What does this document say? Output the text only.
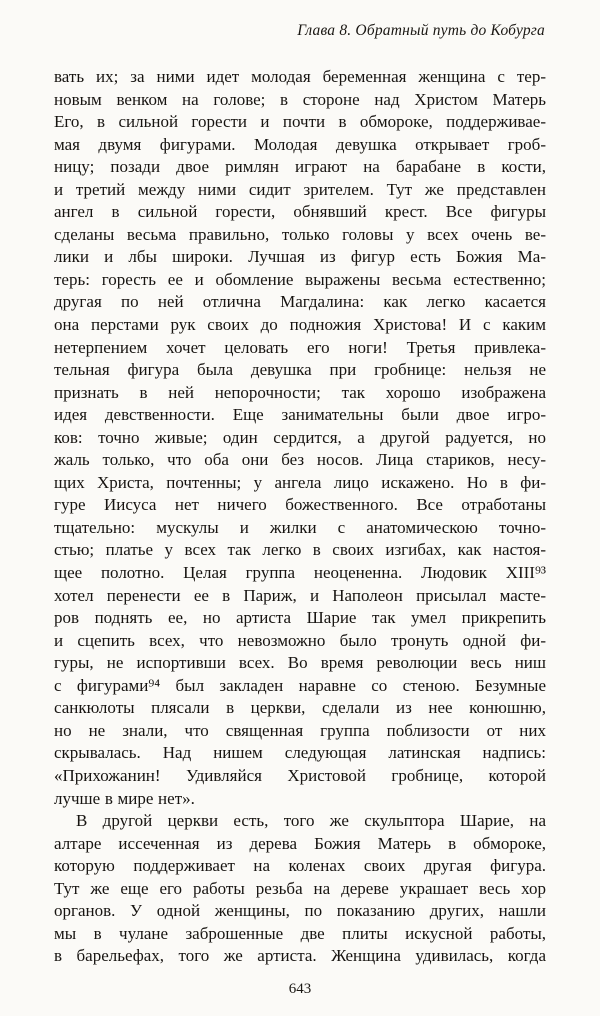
Глава 8. Обратный путь до Кобурга
вать их; за ними идет молодая беременная женщина с тер-
новым венком на голове; в стороне над Христом Матерь
Его, в сильной горести и почти в обмороке, поддерживае-
мая двумя фигурами. Молодая девушка открывает гроб-
ницу; позади двое римлян играют на барабане в кости,
и третий между ними сидит зрителем. Тут же представлен
ангел в сильной горести, обнявший крест. Все фигуры
сделаны весьма правильно, только головы у всех очень ве-
лики и лбы широки. Лучшая из фигур есть Божия Ма-
терь: горесть ее и обомление выражены весьма естественно;
другая по ней отлична Магдалина: как легко касается
она перстами рук своих до подножия Христова! И с каким
нетерпением хочет целовать его ноги! Третья привлека-
тельная фигура была девушка при гробнице: нельзя не
признать в ней непорочности; так хорошо изображена
идея девственности. Еще занимательны были двое игро-
ков: точно живые; один сердится, а другой радуется, но
жаль только, что оба они без носов. Лица стариков, несу-
щих Христа, почтенны; у ангела лицо искажено. Но в фи-
гуре Иисуса нет ничего божественного. Все отработаны
тщательно: мускулы и жилки с анатомическою точно-
стью; платье у всех так легко в своих изгибах, как настоя-
щее полотно. Целая группа неоцененна. Людовик XIII⁹³
хотел перенести ее в Париж, и Наполеон присылал масте-
ров поднять ее, но артиста Шарие так умел прикрепить
и сцепить всех, что невозможно было тронуть одной фи-
гуры, не испортивши всех. Во время революции весь ниш
с фигурами⁹⁴ был закладен наравне со стеною. Безумные
санкюлоты плясали в церкви, сделали из нее конюшню,
но не знали, что священная группа поблизости от них
скрывалась. Над нишем следующая латинская надпись:
«Прихожанин! Удивляйся Христовой гробнице, которой
лучше в мире нет».
В другой церкви есть, того же скульптора Шарие, на
алтаре иссеченная из дерева Божия Матерь в обмороке,
которую поддерживает на коленах своих другая фигура.
Тут же еще его работы резьба на дереве украшает весь хор
органов. У одной женщины, по показанию других, нашли
мы в чулане заброшенные две плиты искусной работы,
в барельефах, того же артиста. Женщина удивилась, когда
643
